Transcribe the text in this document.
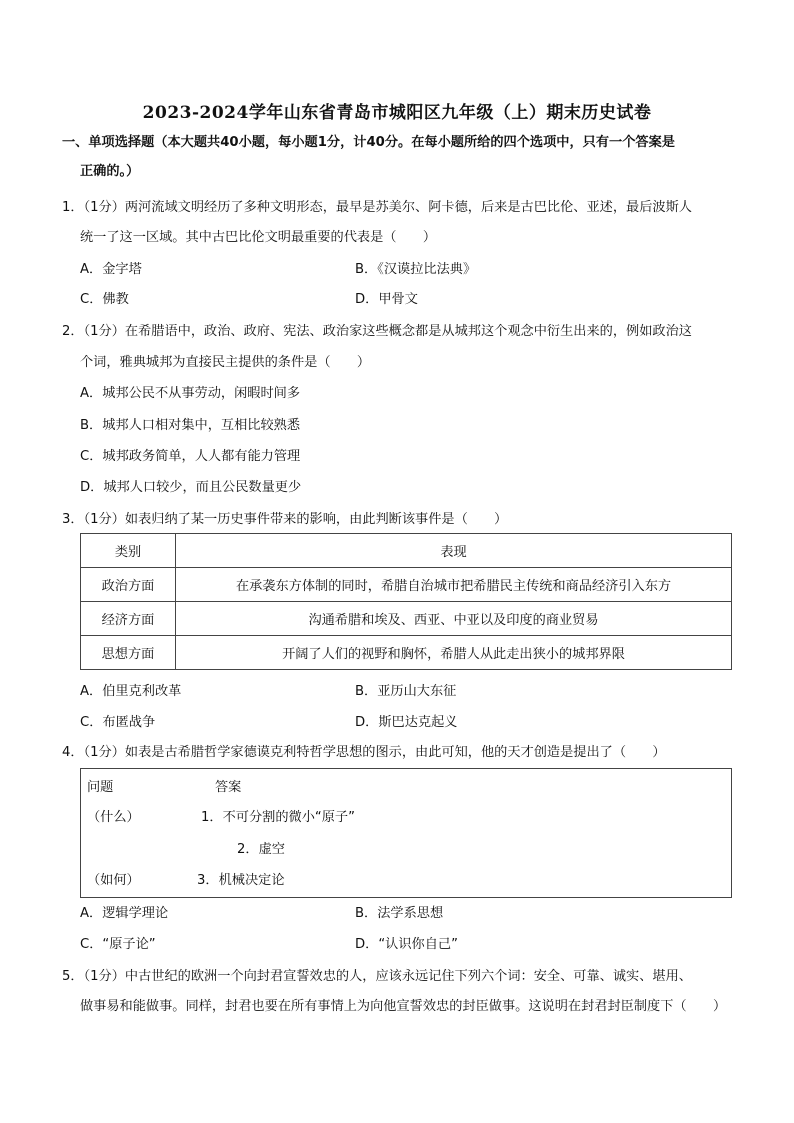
2023-2024学年山东省青岛市城阳区九年级（上）期末历史试卷
一、单项选择题（本大题共40小题，每小题1分，计40分。在每小题所给的四个选项中，只有一个答案是
正确的。）
1．（1分）两河流域文明经历了多种文明形态，最早是苏美尔、阿卡德，后来是古巴比伦、亚述，最后波斯人
统一了这一区域。其中古巴比伦文明最重要的代表是（　　）
A．金字塔	B．《汉谟拉比法典》
C．佛教	D．甲骨文
2．（1分）在希腊语中，政治、政府、宪法、政治家这些概念都是从城邦这个观念中衍生出来的，例如政治这
个词，雅典城邦为直接民主提供的条件是（　　）
A．城邦公民不从事劳动，闲暇时间多
B．城邦人口相对集中，互相比较熟悉
C．城邦政务简单，人人都有能力管理
D．城邦人口较少，而且公民数量更少
3．（1分）如表归纳了某一历史事件带来的影响，由此判断该事件是（　　）
类别	表现
政治方面	在承袭东方体制的同时，希腊自治城市把希腊民主传统和商品经济引入东方
经济方面	沟通希腊和埃及、西亚、中亚以及印度的商业贸易
思想方面	开阔了人们的视野和胸怀，希腊人从此走出狭小的城邦界限
A．伯里克利改革	B．亚历山大东征
C．布匿战争	D．斯巴达克起义
4．（1分）如表是古希腊哲学家德谟克利特哲学思想的图示，由此可知，他的天才创造是提出了（　　）
问题	答案
（什么）	1．不可分割的微小“原子”
2．虚空
（如何）	3．机械决定论
A．逻辑学理论	B．法学系思想
C．“原子论”	D．“认识你自己”
5．（1分）中古世纪的欧洲一个向封君宣誓效忠的人，应该永远记住下列六个词：安全、可靠、诚实、堪用、
做事易和能做事。同样，封君也要在所有事情上为向他宣誓效忠的封臣做事。这说明在封君封臣制度下（　　）
